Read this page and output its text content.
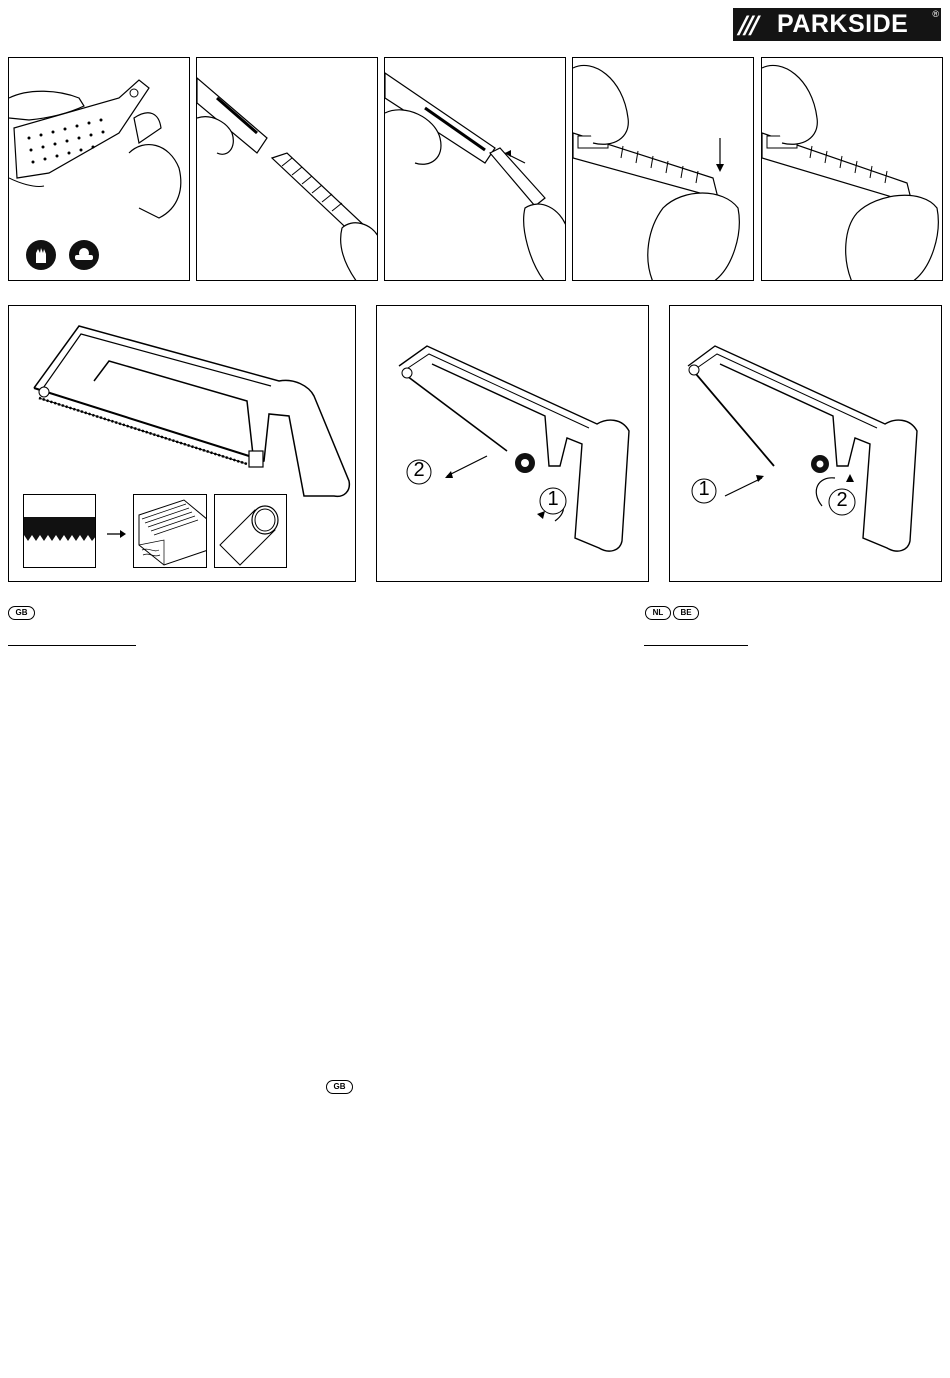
/// PARKSIDE	®
2
1	1	2
GB	NL	BE
GB
